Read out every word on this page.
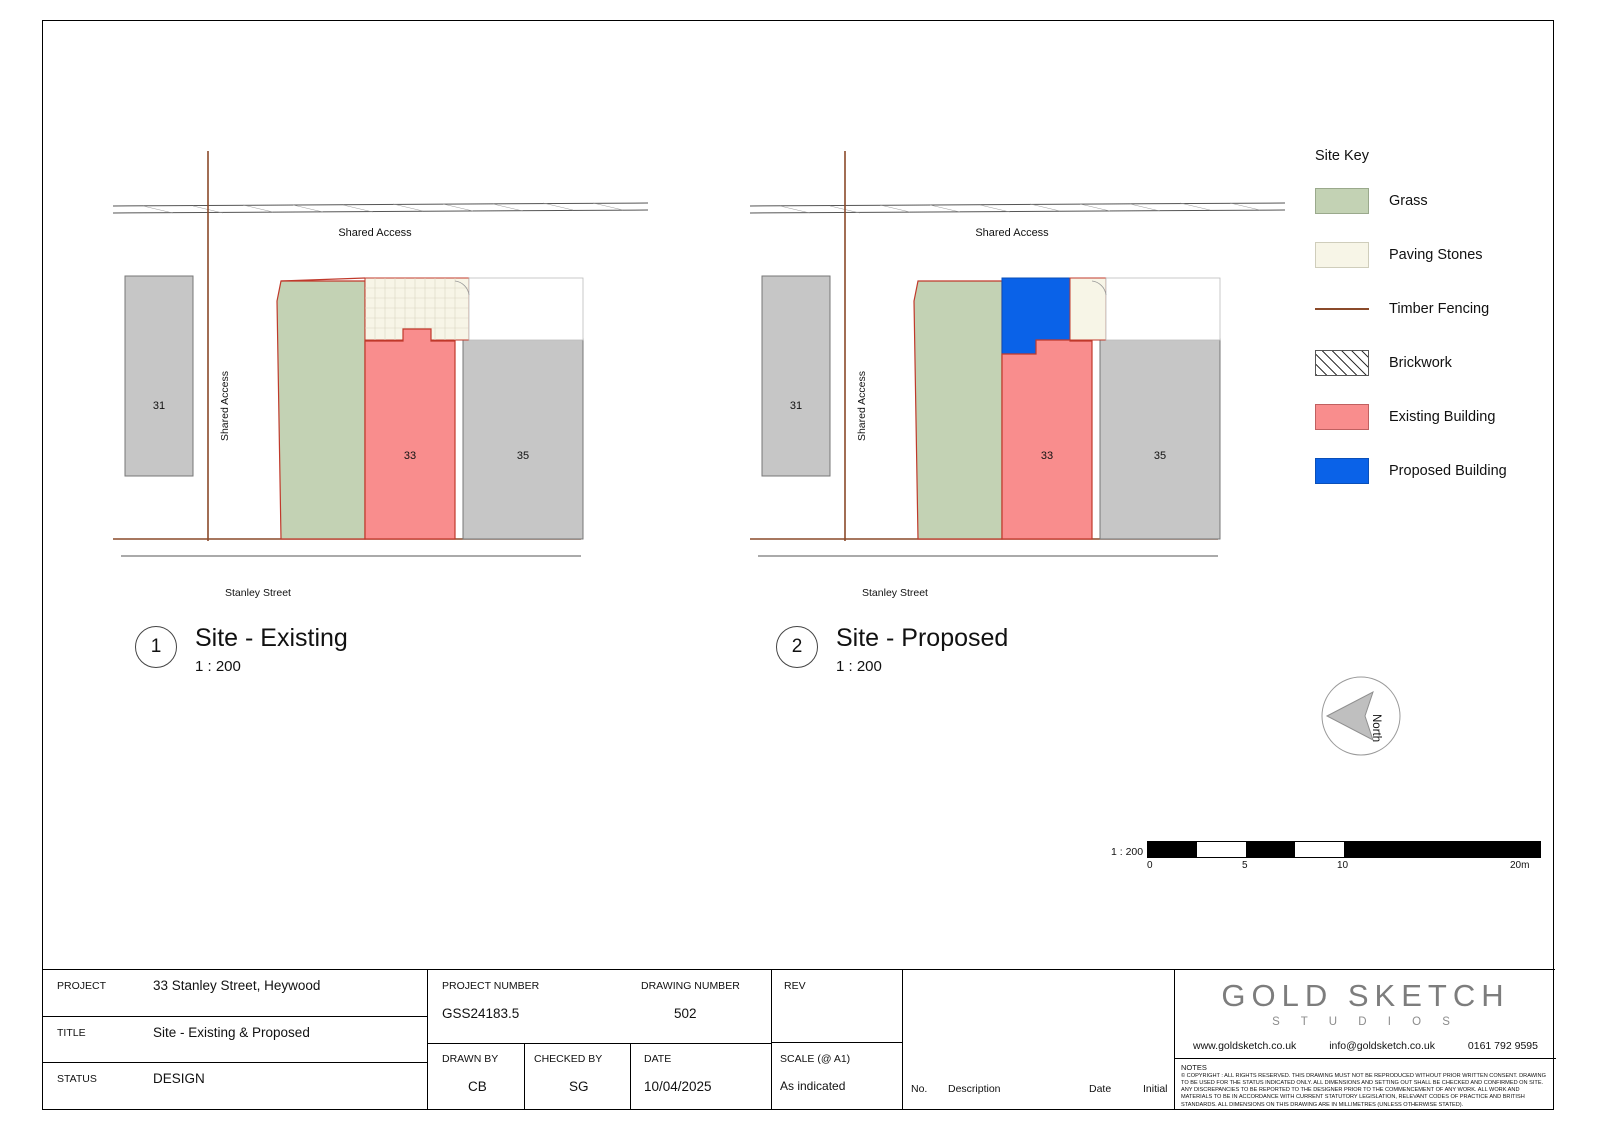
31
33	35
Shared Access
Stanley Street
Shared Access
1	Site - Existing
1 : 200
31
33	35
Shared Access
Stanley Street
Shared Access
2	Site - Proposed
1 : 200
Site Key
Grass
Paving Stones
Timber Fencing
Brickwork
Existing Building
Proposed Building
North
1 : 200
0	5	10	20m
PROJECT	33 Stanley Street, Heywood
TITLE	Site - Existing & Proposed
STATUS	DESIGN
PROJECT NUMBER
GSS24183.5
DRAWING NUMBER
502
DRAWN BY
CB
CHECKED BY
SG
DATE
10/04/2025
SCALE (@ A1)
As indicated
REV
No. Description	Date	Initial
GOLD SKETCH
S T U D I O S
www.goldsketch.co.uk	info@goldsketch.co.uk	0161 792 9595
NOTES
© COPYRIGHT : ALL RIGHTS RESERVED. THIS DRAWING MUST NOT BE REPRODUCED WITHOUT PRIOR WRITTEN CONSENT. DRAWING TO BE USED FOR THE STATUS INDICATED ONLY. ALL DIMENSIONS AND SETTING OUT SHALL BE CHECKED AND CONFIRMED ON SITE. ANY DISCREPANCIES TO BE REPORTED TO THE DESIGNER PRIOR TO THE COMMENCEMENT OF ANY WORK. ALL WORK AND MATERIALS TO BE IN ACCORDANCE WITH CURRENT STATUTORY LEGISLATION, RELEVANT CODES OF PRACTICE AND BRITISH STANDARDS. ALL DIMENSIONS ON THIS DRAWING ARE IN MILLIMETRES (UNLESS OTHERWISE STATED).
